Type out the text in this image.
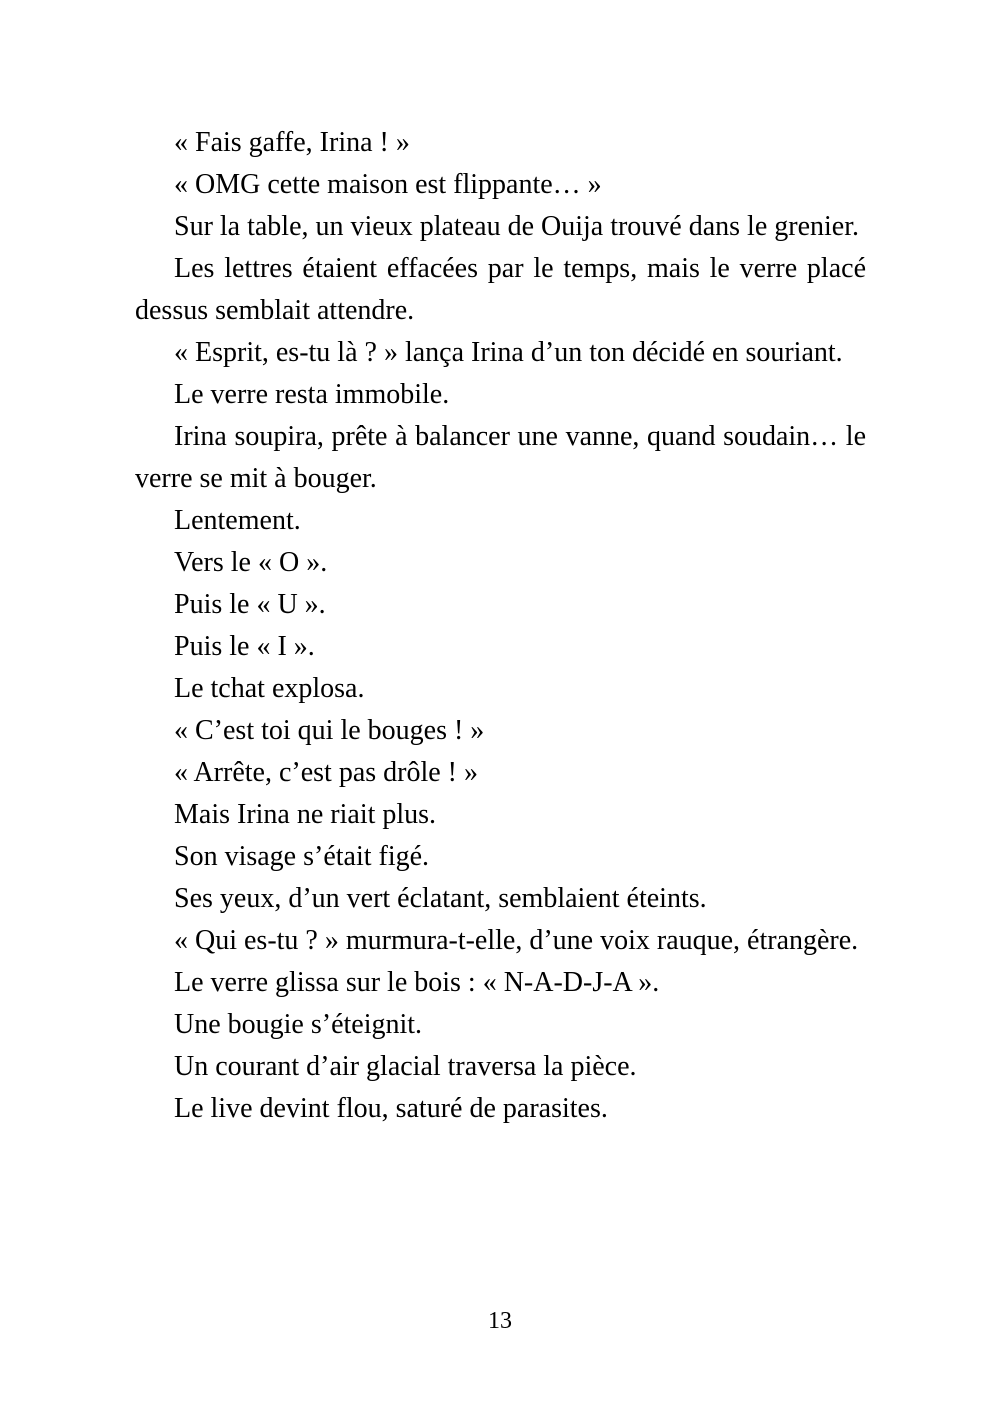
« Fais gaffe, Irina ! »

« OMG cette maison est flippante… »

Sur la table, un vieux plateau de Ouija trouvé dans le grenier.

Les lettres étaient effacées par le temps, mais le verre placé dessus semblait attendre.

« Esprit, es-tu là ? » lança Irina d’un ton décidé en souriant.

Le verre resta immobile.

Irina soupira, prête à balancer une vanne, quand soudain… le verre se mit à bouger.

Lentement.

Vers le « O ».

Puis le « U ».

Puis le « I ».

Le tchat explosa.

« C’est toi qui le bouges ! »

« Arrête, c’est pas drôle ! »

Mais Irina ne riait plus.

Son visage s’était figé.

Ses yeux, d’un vert éclatant, semblaient éteints.

« Qui es-tu ? » murmura-t-elle, d’une voix rauque, étrangère.

Le verre glissa sur le bois : « N-A-D-J-A ».

Une bougie s’éteignit.

Un courant d’air glacial traversa la pièce.

Le live devint flou, saturé de parasites.

13
